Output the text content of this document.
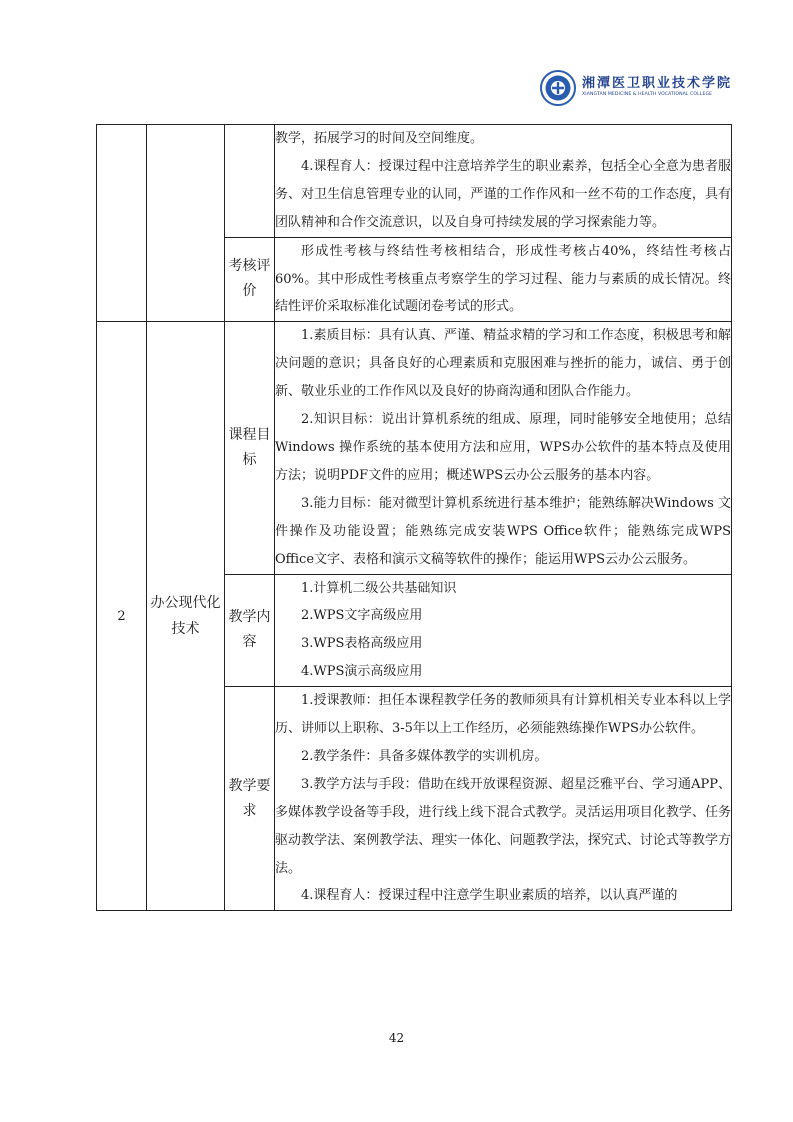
湘潭医卫职业技术学院
XIANGTAN MEDICINE & HEALTH VOCATIONAL COLLEGE

			教学，拓展学习的时间及空间维度。

4.课程育人：授课过程中注意培养学生的职业素养，包括全心全意为患者服务、对卫生信息管理专业的认同，严谨的工作作风和一丝不苟的工作态度，具有团队精神和合作交流意识，以及自身可持续发展的学习探索能力等。

		考核评价	形成性考核与终结性考核相结合，形成性考核占40%，终结性考核占60%。其中形成性考核重点考察学生的学习过程、能力与素质的成长情况。终结性评价采取标准化试题闭卷考试的形式。

2	办公现代化技术	课程目标	1.素质目标：具有认真、严谨、精益求精的学习和工作态度，积极思考和解决问题的意识；具备良好的心理素质和克服困难与挫折的能力，诚信、勇于创新、敬业乐业的工作作风以及良好的协商沟通和团队合作能力。

2.知识目标：说出计算机系统的组成、原理，同时能够安全地使用；总结Windows 操作系统的基本使用方法和应用，WPS办公软件的基本特点及使用方法；说明PDF文件的应用；概述WPS云办公云服务的基本内容。

3.能力目标：能对微型计算机系统进行基本维护；能熟练解决Windows 文件操作及功能设置；能熟练完成安装WPS Office软件；能熟练完成WPS Office文字、表格和演示文稿等软件的操作；能运用WPS云办公云服务。

		教学内容	1.计算机二级公共基础知识

2.WPS文字高级应用

3.WPS表格高级应用

4.WPS演示高级应用

		教学要求	1.授课教师：担任本课程教学任务的教师须具有计算机相关专业本科以上学历、讲师以上职称、3-5年以上工作经历，必须能熟练操作WPS办公软件。

2.教学条件：具备多媒体教学的实训机房。

3.教学方法与手段：借助在线开放课程资源、超星泛雅平台、学习通APP、多媒体教学设备等手段，进行线上线下混合式教学。灵活运用项目化教学、任务驱动教学法、案例教学法、理实一体化、问题教学法，探究式、讨论式等教学方法。

4.课程育人：授课过程中注意学生职业素质的培养，以认真严谨的

42
